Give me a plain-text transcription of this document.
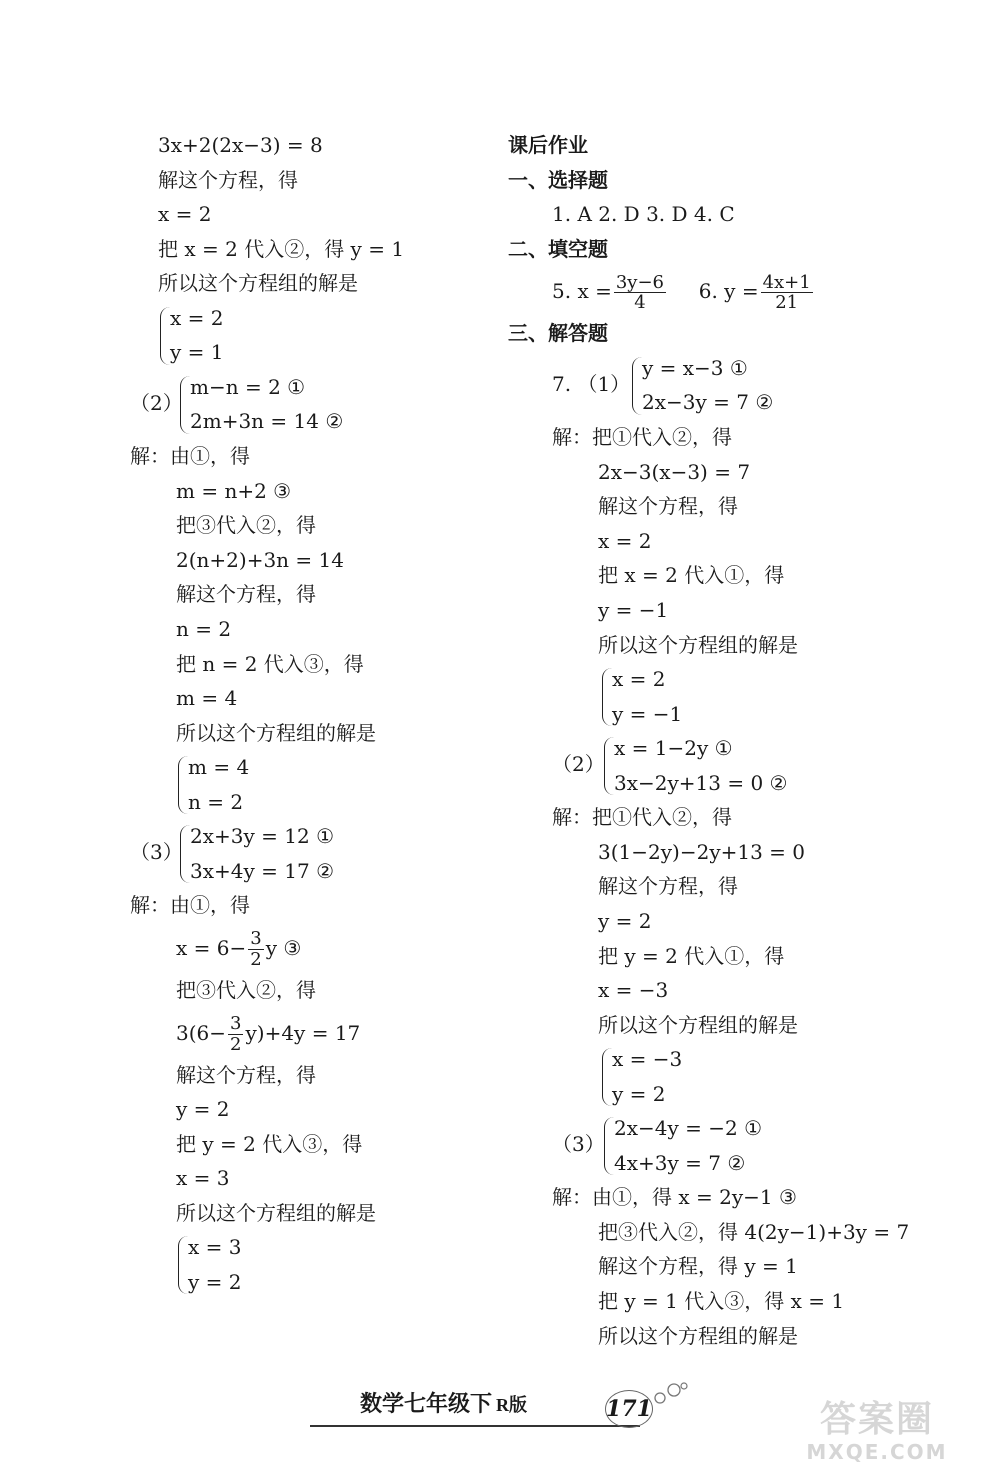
3x+2(2x−3) = 8
解这个方程，得
x = 2
把 x = 2 代入②，得 y = 1
所以这个方程组的解是
x = 2
y = 1
（2）
m−n = 2 ①
2m+3n = 14 ②
解：由①，得
m = n+2 ③
把③代入②，得
2(n+2)+3n = 14
解这个方程，得
n = 2
把 n = 2 代入③，得
m = 4
所以这个方程组的解是
m = 4
n = 2
（3）
2x+3y = 12 ①
3x+4y = 17 ②
解：由①，得
$x = 6- \frac{3}{2}$ y ③
把③代入②，得
$3(6- \frac{3}{2} y)+4y = 17$
解这个方程，得
y = 2
把 y = 2 代入③，得
x = 3
所以这个方程组的解是
x = 3
y = 2
课后作业
一、选择题
1. A 2. D 3. D 4. C
二、填空题
5. $x = \frac{3y-6}{4} 6$. $y = \frac{4x+1}{21}$
三、解答题
7. （1）
y = x−3 ①
2x−3y = 7 ②
解：把①代入②，得
2x−3(x−3) = 7
解这个方程，得
x = 2
把 x = 2 代入①，得
y = −1
所以这个方程组的解是
x = 2
y = −1
（2）
x = 1−2y ①
3x−2y+13 = 0 ②
解：把①代入②，得
3(1−2y)−2y+13 = 0
解这个方程，得
y = 2
把 y = 2 代入①，得
x = −3
所以这个方程组的解是
x = −3
y = 2
（3）
2x−4y = −2 ①
4x+3y = 7 ②
解：由①，得 x = 2y−1 ③
把③代入②，得 4(2y−1)+3y = 7
解这个方程，得 y = 1
把 y = 1 代入③，得 x = 1
所以这个方程组的解是
数学七年级下 R版	171	答案圈
MXQE.COM
